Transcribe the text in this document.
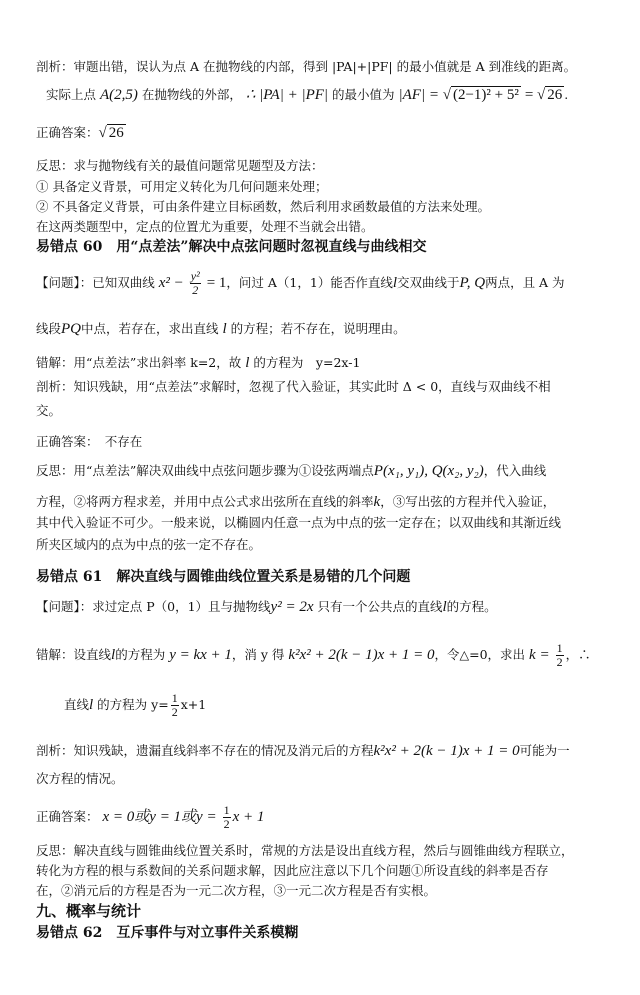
剖析：审题出错，误认为点 A 在抛物线的内部，得到 |PA|+|PF| 的最小值就是 A 到准线的距离。
实际上点 A(2,5) 在抛物线的外部， ∴ |PA| + |PF| 的最小值为 |AF| = √ (2−1)² + 5² = √ 26 .
正确答案：√ 26
反思：求与抛物线有关的最值问题常见题型及方法：
① 具备定义背景，可用定义转化为几何问题来处理；
② 不具备定义背景，可由条件建立目标函数，然后利用求函数最值的方法来处理。
在这两类题型中，定点的位置尤为重要，处理不当就会出错。
易错点 60　用“点差法”解决中点弦问题时忽视直线与曲线相交
【问题】：已知双曲线 $x^2 - \frac{\text{y²}}{2} = 1$，问过 A（1，1）能否作直线l交双曲线于P, Q两点，且 A 为
线段PQ中点，若存在，求出直线 l 的方程；若不存在，说明理由。
错解：用“点差法”求出斜率 k=2，故 l 的方程为　y=2x-1
剖析：知识残缺，用“点差法”求解时，忽视了代入验证，其实此时 Δ < 0，直线与双曲线不相
交。
正确答案：　不存在
反思：用“点差法”解决双曲线中点弦问题步骤为①设弦两端点P(x₁, y₁), Q(x₂, y₂)，代入曲线
方程，②将两方程求差，并用中点公式求出弦所在直线的斜率k，③写出弦的方程并代入验证，
其中代入验证不可少。一般来说，以椭圆内任意一点为中点的弦一定存在；以双曲线和其渐近线
所夹区域内的点为中点的弦一定不存在。
易错点 61　解决直线与圆锥曲线位置关系是易错的几个问题
【问题】：求过定点 P（0，1）且与抛物线y² = 2x 只有一个公共点的直线l的方程。
错解：设直线l的方程为 y = kx + 1，消 y 得 k²x² + 2(k − 1)x + 1 = 0，令△=0，求出 $k = \frac{1}{2}$ ，∴
直线l 的方程为 $y= \frac{1}{2} x+1$
剖析：知识残缺，遗漏直线斜率不存在的情况及消元后的方程k²x² + 2(k − 1)x + 1 = 0可能为一
次方程的情况。
正确答案： x = 0或y = 1或$y = \frac{1}{2}$ x + 1
反思：解决直线与圆锥曲线位置关系时，常规的方法是设出直线方程，然后与圆锥曲线方程联立，
转化为方程的根与系数间的关系问题求解，因此应注意以下几个问题①所设直线的斜率是否存
在，②消元后的方程是否为一元二次方程，③一元二次方程是否有实根。
九、概率与统计
易错点 62　互斥事件与对立事件关系模糊
